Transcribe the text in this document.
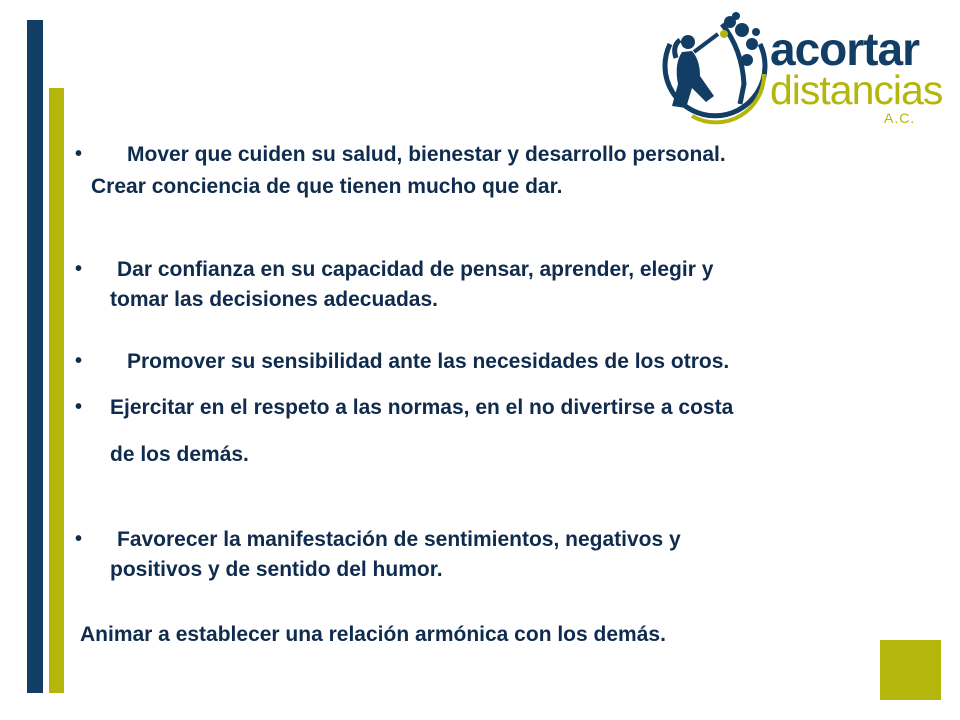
acortar
distancias
A.C.
• Mover que cuiden su salud, bienestar y desarrollo personal.
Crear conciencia de que tienen mucho que dar.
• Dar confianza en su capacidad de pensar, aprender, elegir y
tomar las decisiones adecuadas.
• Promover su sensibilidad ante las necesidades de los otros.
• Ejercitar en el respeto a las normas, en el no divertirse a costa
de los demás.
• Favorecer la manifestación de sentimientos, negativos y
positivos y de sentido del humor.
Animar a establecer una relación armónica con los demás.
